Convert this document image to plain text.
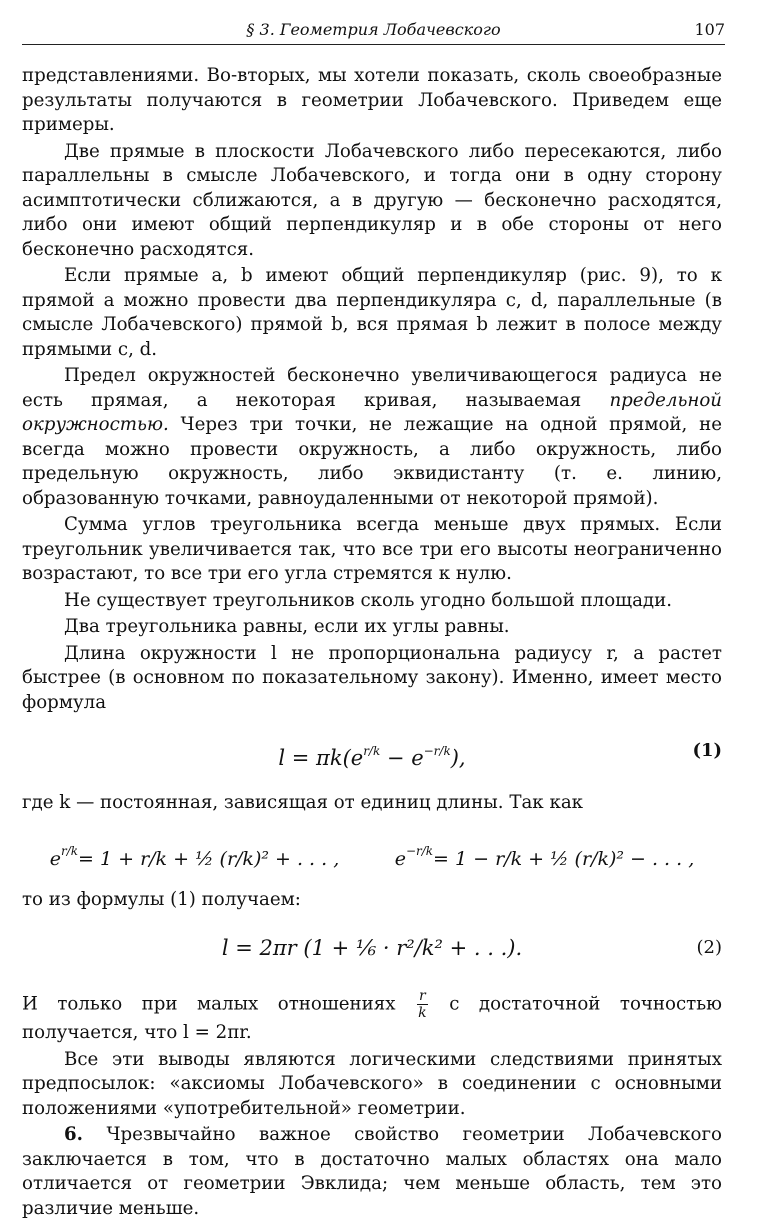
§ 3. Геометрия Лобачевского	107

представлениями. Во-вторых, мы хотели показать, сколь своеобразные результаты получаются в геометрии Лобачевского. Приведем еще примеры.

Две прямые в плоскости Лобачевского либо пересекаются, либо параллельны в смысле Лобачевского, и тогда они в одну сторону асимптотически сближаются, а в другую — бесконечно расходятся, либо они имеют общий перпендикуляр и в обе стороны от него бесконечно расходятся.

Если прямые a, b имеют общий перпендикуляр (рис. 9), то к прямой a можно провести два перпендикуляра c, d, параллельные (в смысле Лобачевского) прямой b, вся прямая b лежит в полосе между прямыми c, d.

Предел окружностей бесконечно увеличивающегося радиуса не есть прямая, а некоторая кривая, называемая предельной окружностью. Через три точки, не лежащие на одной прямой, не всегда можно провести окружность, а либо окружность, либо предельную окружность, либо эквидистанту (т. е. линию, образованную точками, равноудаленными от некоторой прямой).

Сумма углов треугольника всегда меньше двух прямых. Если треугольник увеличивается так, что все три его высоты неограниченно возрастают, то все три его угла стремятся к нулю.

Не существует треугольников сколь угодно большой площади.

Два треугольника равны, если их углы равны.

Длина окружности l не пропорциональна радиусу r, а растет быстрее (в основном по показательному закону). Именно, имеет место формула

$l = \pi k(e^{r/k} - e^{-r/k})$,	(1)

где k — постоянная, зависящая от единиц длины. Так как

$e^{r/k}= 1 + r/k$ + ½ (r/k)² + . . . ,	$e^{-r/k}= 1 - r/k$ + ½ (r/k)² − . . . ,

то из формулы (1) получаем:

l = 2πr (1 + ⅙ · r²/k² + . . .).	(2)

И только при малых отношениях $\frac{r}{k}$ с достаточной точностью получается, что l = 2πr.

Все эти выводы являются логическими следствиями принятых предпосылок: «аксиомы Лобачевского» в соединении с основными положениями «употребительной» геометрии.

6. Чрезвычайно важное свойство геометрии Лобачевского заключается в том, что в достаточно малых областях она мало отличается от геометрии Эвклида; чем меньше область, тем это различие меньше.
